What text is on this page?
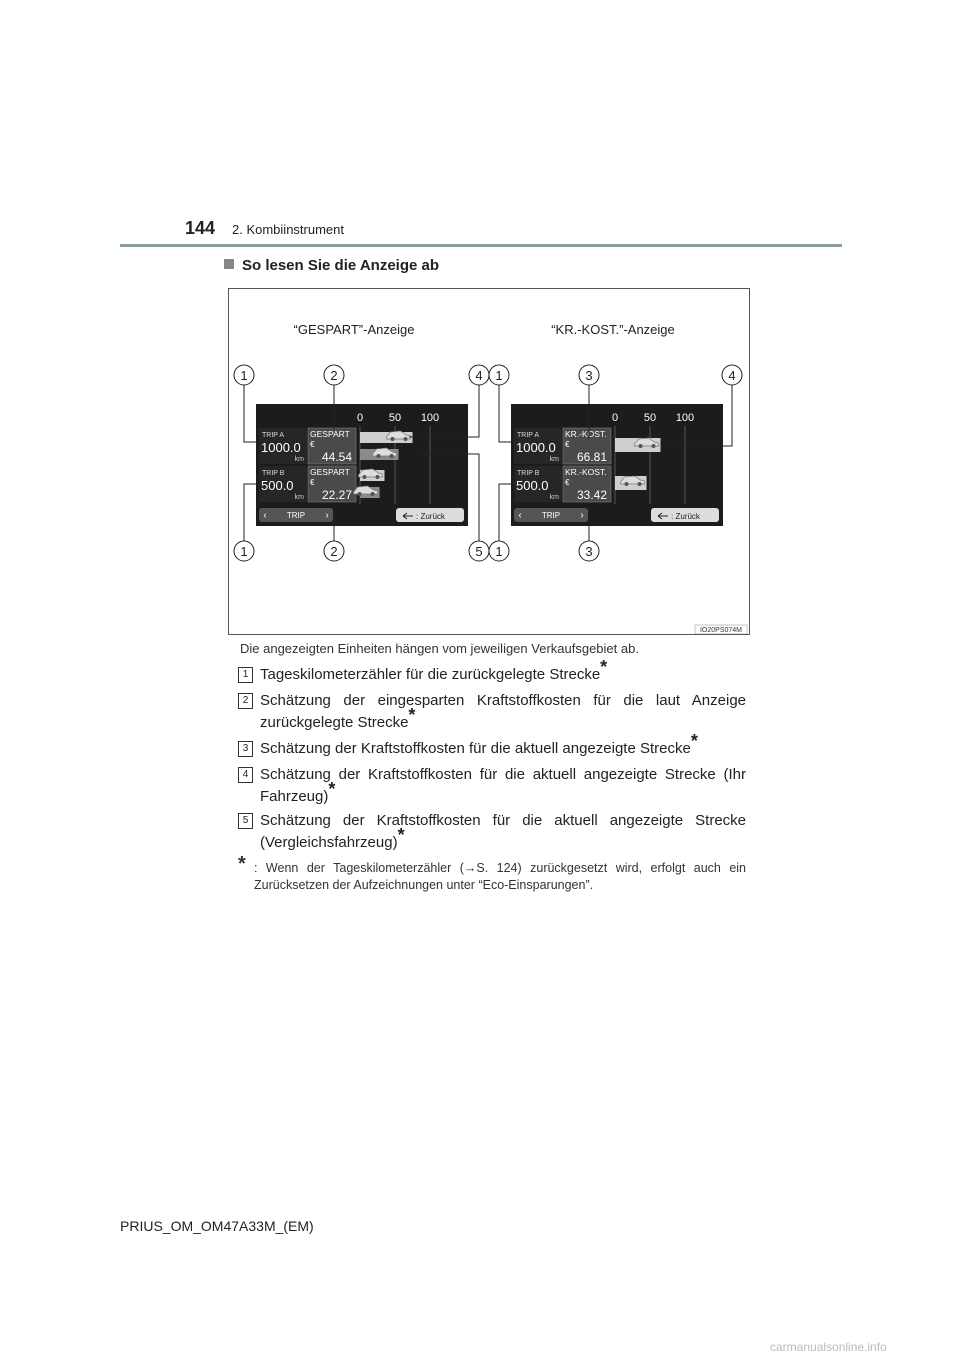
144 2. Kombiinstrument
So lesen Sie die Anzeige ab
“GESPART”-Anzeige	“KR.-KOST.”-Anzeige
IO20PS074M
0 50 100
TRIP A
1000.0
km
GESPART
€
44.54
TRIP B
500.0
km
GESPART
€
22.27
TRIP
‹	›	: Zurück
0 50 100
TRIP A
1000.0
km
KR.-KOST.
€
66.81
TRIP B
500.0
km
KR.-KOST.
€
33.42
TRIP
‹	›	: Zurück
1	2	4
1	2	5
1	3	4
1	3
Die angezeigten Einheiten hängen vom jeweiligen Verkaufsgebiet ab.
1 Tageskilometerzähler für die zurückgelegte Strecke*
2 Schätzung der eingesparten Kraftstoffkosten für die laut Anzeige zurückgelegte Strecke*
3 Schätzung der Kraftstoffkosten für die aktuell angezeigte Strecke*
4 Schätzung der Kraftstoffkosten für die aktuell angezeigte Strecke (Ihr Fahrzeug)*
5 Schätzung der Kraftstoffkosten für die aktuell angezeigte Strecke (Vergleichsfahrzeug)*
* : Wenn der Tageskilometerzähler (→S. 124) zurückgesetzt wird, erfolgt auch ein Zurücksetzen der Aufzeichnungen unter “Eco-Einsparungen”.
PRIUS_OM_OM47A33M_(EM)
carmanualsonline.info
